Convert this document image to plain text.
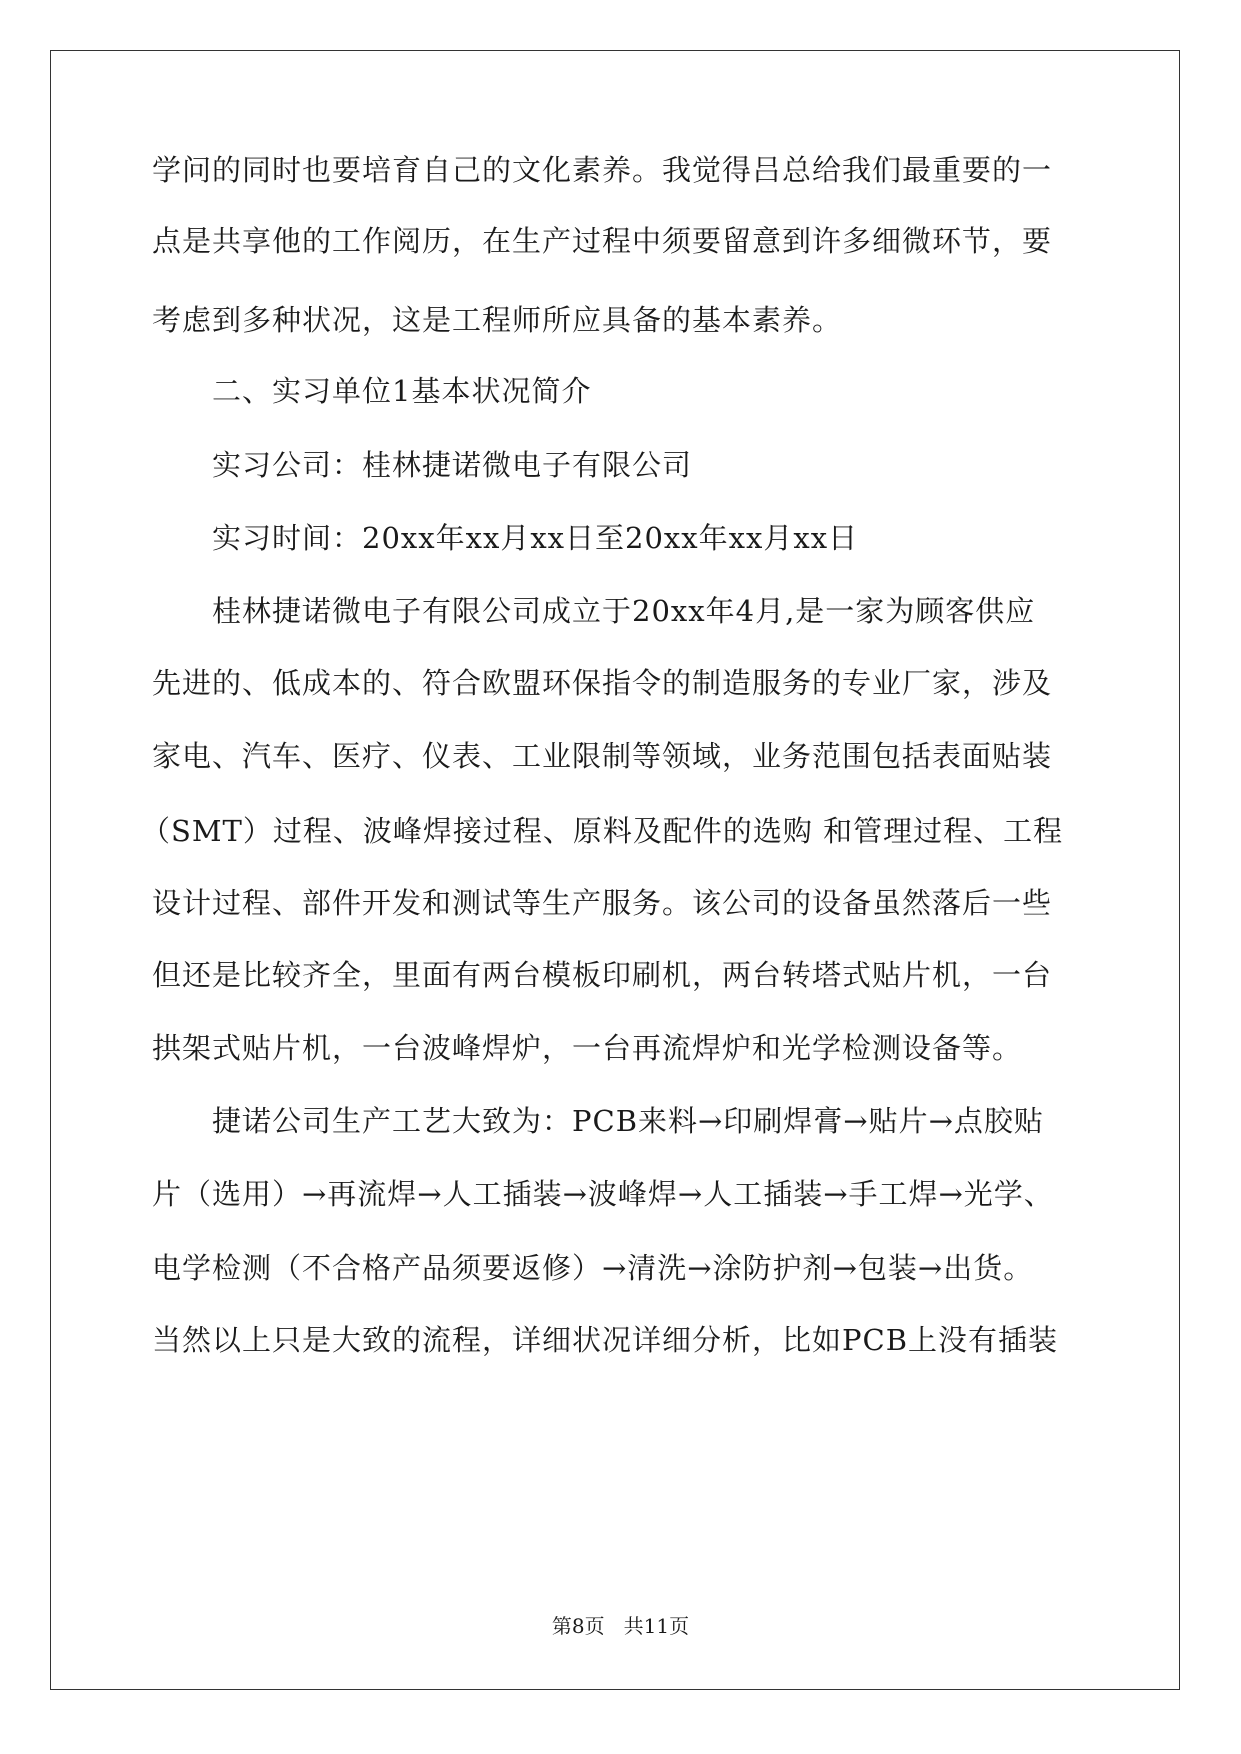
学问的同时也要培育自己的文化素养。我觉得吕总给我们最重要的一
点是共享他的工作阅历，在生产过程中须要留意到许多细微环节，要
考虑到多种状况，这是工程师所应具备的基本素养。
二、实习单位1基本状况简介
实习公司：桂林捷诺微电子有限公司
实习时间：20xx年xx月xx日至20xx年xx月xx日
桂林捷诺微电子有限公司成立于20xx年4月,是一家为顾客供应
先进的、低成本的、符合欧盟环保指令的制造服务的专业厂家，涉及
家电、汽车、医疗、仪表、工业限制等领域，业务范围包括表面贴装
（SMT）过程、波峰焊接过程、原料及配件的选购 和管理过程、工程
设计过程、部件开发和测试等生产服务。该公司的设备虽然落后一些
但还是比较齐全，里面有两台模板印刷机，两台转塔式贴片机，一台
拱架式贴片机，一台波峰焊炉，一台再流焊炉和光学检测设备等。
捷诺公司生产工艺大致为：PCB来料→印刷焊膏→贴片→点胶贴
片（选用）→再流焊→人工插装→波峰焊→人工插装→手工焊→光学、
电学检测（不合格产品须要返修）→清洗→涂防护剂→包装→出货。
当然以上只是大致的流程，详细状况详细分析，比如PCB上没有插装
第8页   共11页
